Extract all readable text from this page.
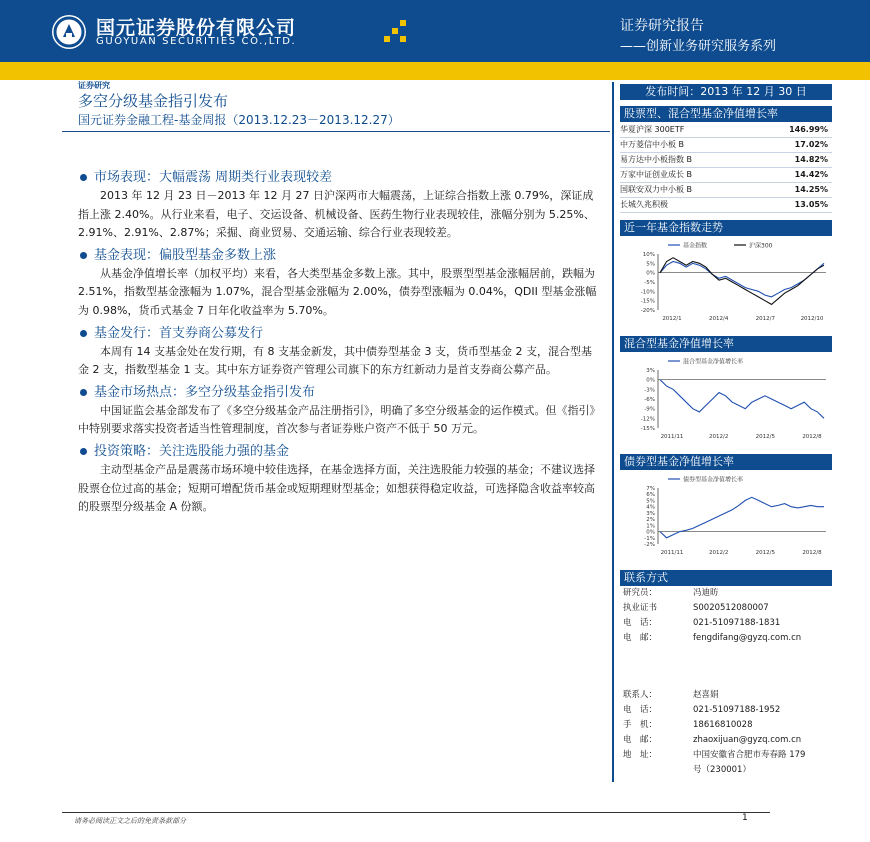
国元证券股份有限公司
GUOYUAN SECURITIES CO.,LTD.
证券研究报告
——创新业务研究服务系列
证券研究
多空分级基金指引发布
国元证券金融工程-基金周报（2013.12.23－2013.12.27）
市场表现：大幅震荡 周期类行业表现较差

2013 年 12 月 23 日－2013 年 12 月 27 日沪深两市大幅震荡，上证综合指数上涨 0.79%，深证成指上涨 2.40%。从行业来看，电子、交运设备、机械设备、医药生物行业表现较佳，涨幅分别为 5.25%、2.91%、2.91%、2.87%；采掘、商业贸易、交通运输、综合行业表现较差。

基金表现：偏股型基金多数上涨

从基金净值增长率（加权平均）来看，各大类型基金多数上涨。其中，股票型型基金涨幅居前，跌幅为 2.51%，指数型基金涨幅为 1.07%，混合型基金涨幅为 2.00%，债券型涨幅为 0.04%，QDII 型基金涨幅为 0.98%，货币式基金 7 日年化收益率为 5.70%。

基金发行：首支券商公募发行

本周有 14 支基金处在发行期，有 8 支基金新发，其中债券型基金 3 支，货币型基金 2 支，混合型基金 2 支，指数型基金 1 支。其中东方证券资产管理公司旗下的东方红新动力是首支券商公募产品。

基金市场热点：多空分级基金指引发布

中国证监会基金部发布了《多空分级基金产品注册指引》，明确了多空分级基金的运作模式。但《指引》中特别要求落实投资者适当性管理制度，首次参与者证券账户资产不低于 50 万元。

投资策略：关注选股能力强的基金

主动型基金产品是震荡市场环境中较佳选择，在基金选择方面，关注选股能力较强的基金；不建议选择股票仓位过高的基金；短期可增配货币基金或短期理财型基金；如想获得稳定收益，可选择隐含收益率较高的股票型分级基金 A 份额。

发布时间：2013 年 12 月 30 日
股票型、混合型基金净值增长率
华夏沪深 300ETF	146.99%
中万菱信中小板 B	17.02%
易方达中小板指数 B	14.82%
万家中证创业成长 B	14.42%
国联安双力中小板 B	14.25%
长城久兆积极	13.05%
近一年基金指数走势
基金指数	沪深300
10%
5%
0%
-5%
-10%
-15%
-20%
2012/1	2012/4	2012/7	2012/10
混合型基金净值增长率
混合型基金净值增长率
3%
0%
-3%
-6%
-9%
-12%
-15%
2011/11	2012/2	2012/5	2012/8
债券型基金净值增长率
债券型基金净值增长率
7%
6%
5%
4%
3%
2%
1%
0%
-1%
-2%
2011/11	2012/2	2012/5	2012/8
联系方式
研究员：	冯迪昉
执业证书	S0020512080007
电　话：	021-51097188-1831
电　邮：	fengdifang@gyzq.com.cn
联系人：	赵喜娟
电　话：	021-51097188-1952
手　机：	18616810028
电　邮：	zhaoxijuan@gyzq.com.cn
地　址：	中国安徽省合肥市寿春路 179
号（230001）
请务必阅读正文之后的免责条款部分	1
